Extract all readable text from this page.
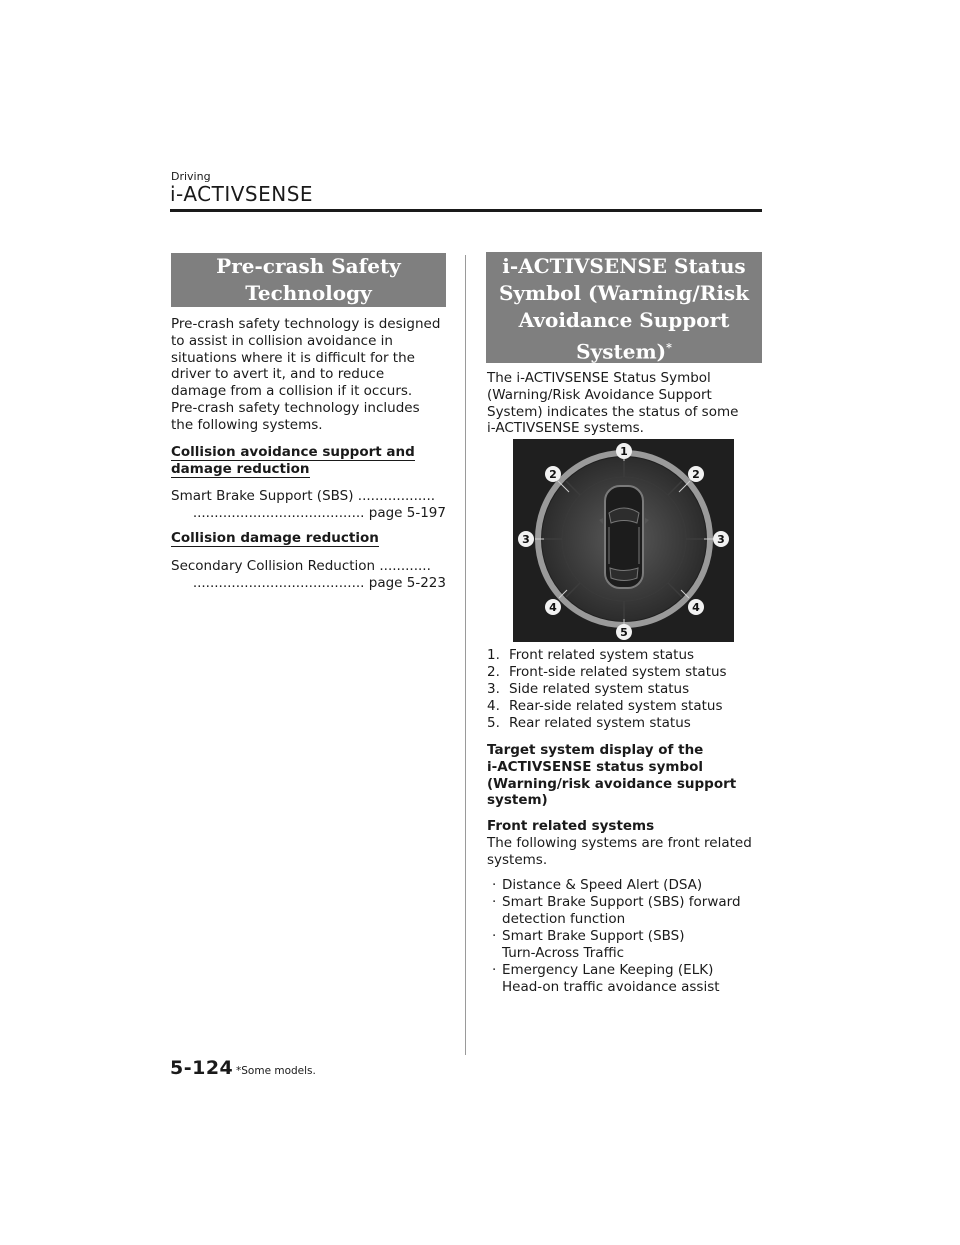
Driving
i-ACTIVSENSE
Pre-crash Safety
Technology
Pre-crash safety technology is designed
to assist in collision avoidance in
situations where it is difficult for the
driver to avert it, and to reduce
damage from a collision if it occurs.
Pre-crash safety technology includes
the following systems.
Collision avoidance support and
damage reduction
Smart Brake Support (SBS) ..................
........................................ page 5-197
Collision damage reduction
Secondary Collision Reduction ............
........................................ page 5-223
i-ACTIVSENSE Status
Symbol (Warning/Risk
Avoidance Support
System)*
The i-ACTIVSENSE Status Symbol
(Warning/Risk Avoidance Support
System) indicates the status of some
i-ACTIVSENSE systems.
1
2	2
3	3
4	4
5
1. Front related system status
2. Front-side related system status
3. Side related system status
4. Rear-side related system status
5. Rear related system status
Target system display of the
i-ACTIVSENSE status symbol
(Warning/risk avoidance support
system)
Front related systems
The following systems are front related
systems.
· Distance & Speed Alert (DSA)
· Smart Brake Support (SBS) forward
detection function
· Smart Brake Support (SBS)
Turn-Across Traffic
· Emergency Lane Keeping (ELK)
Head-on traffic avoidance assist
5-124 *Some models.
